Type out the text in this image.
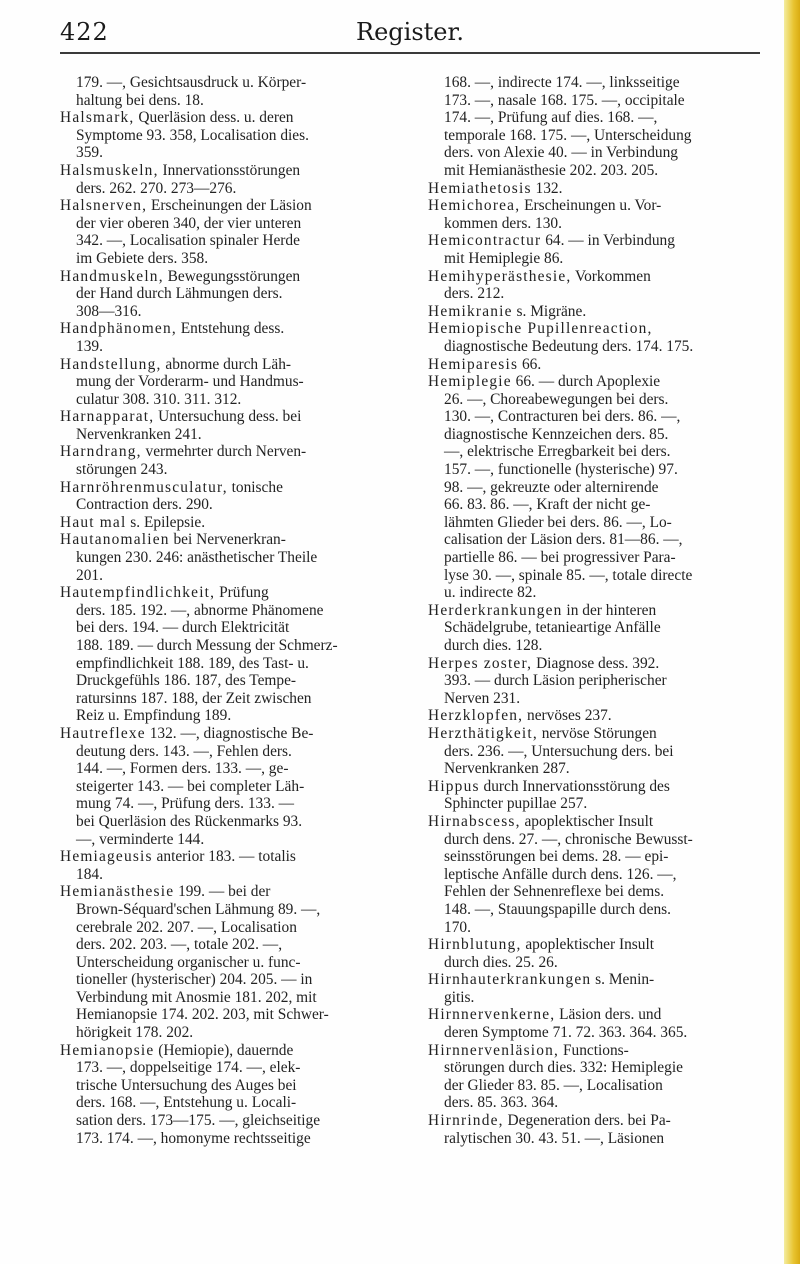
422	Register.
179. —, Gesichtsausdruck u. Körper-
haltung bei dens. 18.
Halsmark, Querläsion dess. u. deren
Symptome 93. 358, Localisation dies.
359.
Halsmuskeln, Innervationsstörungen
ders. 262. 270. 273—276.
Halsnerven, Erscheinungen der Läsion
der vier oberen 340, der vier unteren
342. —, Localisation spinaler Herde
im Gebiete ders. 358.
Handmuskeln, Bewegungsstörungen
der Hand durch Lähmungen ders.
308—316.
Handphänomen, Entstehung dess.
139.
Handstellung, abnorme durch Läh-
mung der Vorderarm- und Handmus-
culatur 308. 310. 311. 312.
Harnapparat, Untersuchung dess. bei
Nervenkranken 241.
Harndrang, vermehrter durch Nerven-
störungen 243.
Harnröhrenmusculatur, tonische
Contraction ders. 290.
Haut mal s. Epilepsie.
Hautanomalien bei Nervenerkran-
kungen 230. 246: anästhetischer Theile
201.
Hautempfindlichkeit, Prüfung
ders. 185. 192. —, abnorme Phänomene
bei ders. 194. — durch Elektricität
188. 189. — durch Messung der Schmerz-
empfindlichkeit 188. 189, des Tast- u.
Druckgefühls 186. 187, des Tempe-
ratursinns 187. 188, der Zeit zwischen
Reiz u. Empfindung 189.
Hautreflexe 132. —, diagnostische Be-
deutung ders. 143. —, Fehlen ders.
144. —, Formen ders. 133. —, ge-
steigerter 143. — bei completer Läh-
mung 74. —, Prüfung ders. 133. —
bei Querläsion des Rückenmarks 93.
—, verminderte 144.
Hemiageusis anterior 183. — totalis
184.
Hemianästhesie 199. — bei der
Brown-Séquard'schen Lähmung 89. —,
cerebrale 202. 207. —, Localisation
ders. 202. 203. —, totale 202. —,
Unterscheidung organischer u. func-
tioneller (hysterischer) 204. 205. — in
Verbindung mit Anosmie 181. 202, mit
Hemianopsie 174. 202. 203, mit Schwer-
hörigkeit 178. 202.
Hemianopsie (Hemiopie), dauernde
173. —, doppelseitige 174. —, elek-
trische Untersuchung des Auges bei
ders. 168. —, Entstehung u. Locali-
sation ders. 173—175. —, gleichseitige
173. 174. —, homonyme rechtsseitige
168. —, indirecte 174. —, linksseitige
173. —, nasale 168. 175. —, occipitale
174. —, Prüfung auf dies. 168. —,
temporale 168. 175. —, Unterscheidung
ders. von Alexie 40. — in Verbindung
mit Hemianästhesie 202. 203. 205.
Hemiathetosis 132.
Hemichorea, Erscheinungen u. Vor-
kommen ders. 130.
Hemicontractur 64. — in Verbindung
mit Hemiplegie 86.
Hemihyperästhesie, Vorkommen
ders. 212.
Hemikranie s. Migräne.
Hemiopische Pupillenreaction,
diagnostische Bedeutung ders. 174. 175.
Hemiparesis 66.
Hemiplegie 66. — durch Apoplexie
26. —, Choreabewegungen bei ders.
130. —, Contracturen bei ders. 86. —,
diagnostische Kennzeichen ders. 85.
—, elektrische Erregbarkeit bei ders.
157. —, functionelle (hysterische) 97.
98. —, gekreuzte oder alternirende
66. 83. 86. —, Kraft der nicht ge-
lähmten Glieder bei ders. 86. —, Lo-
calisation der Läsion ders. 81—86. —,
partielle 86. — bei progressiver Para-
lyse 30. —, spinale 85. —, totale directe
u. indirecte 82.
Herderkrankungen in der hinteren
Schädelgrube, tetanieartige Anfälle
durch dies. 128.
Herpes zoster, Diagnose dess. 392.
393. — durch Läsion peripherischer
Nerven 231.
Herzklopfen, nervöses 237.
Herzthätigkeit, nervöse Störungen
ders. 236. —, Untersuchung ders. bei
Nervenkranken 287.
Hippus durch Innervationsstörung des
Sphincter pupillae 257.
Hirnabscess, apoplektischer Insult
durch dens. 27. —, chronische Bewusst-
seinsstörungen bei dems. 28. — epi-
leptische Anfälle durch dens. 126. —,
Fehlen der Sehnenreflexe bei dems.
148. —, Stauungspapille durch dens.
170.
Hirnblutung, apoplektischer Insult
durch dies. 25. 26.
Hirnhauterkrankungen s. Menin-
gitis.
Hirnnervenkerne, Läsion ders. und
deren Symptome 71. 72. 363. 364. 365.
Hirnnervenläsion, Functions-
störungen durch dies. 332: Hemiplegie
der Glieder 83. 85. —, Localisation
ders. 85. 363. 364.
Hirnrinde, Degeneration ders. bei Pa-
ralytischen 30. 43. 51. —, Läsionen
